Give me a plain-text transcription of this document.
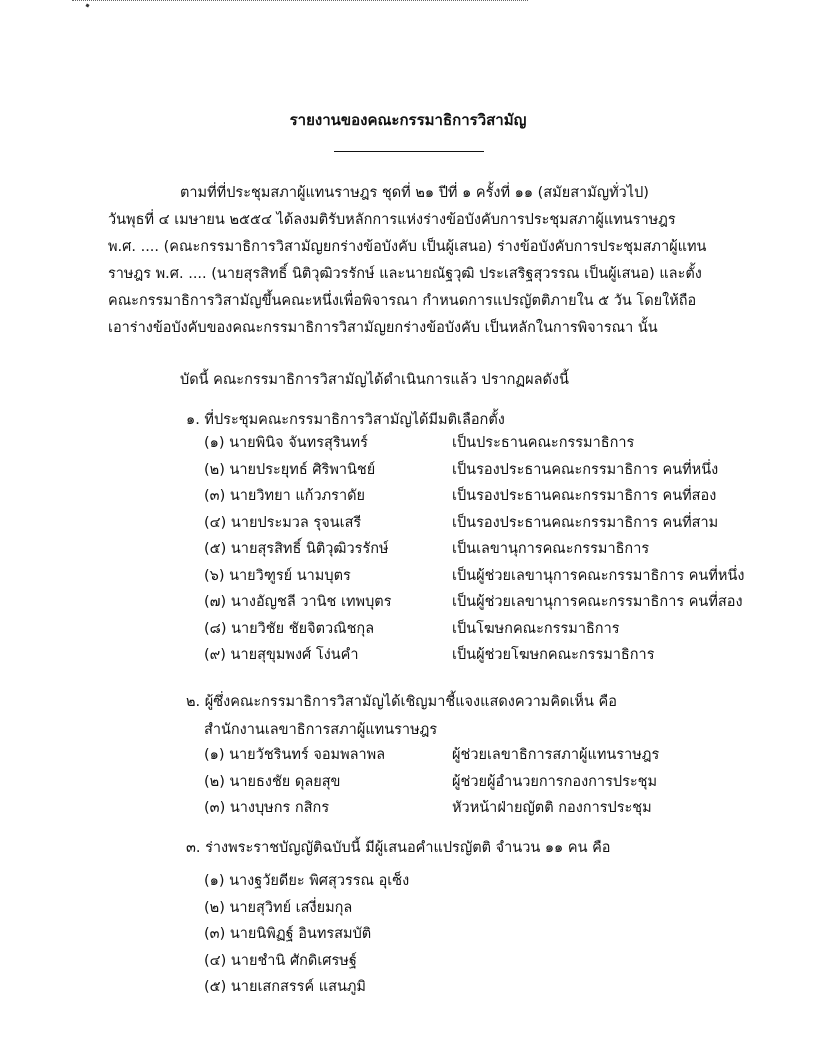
รายงานของคณะกรรมาธิการวิสามัญ
ตามที่ที่ประชุมสภาผู้แทนราษฎร ชุดที่ ๒๑ ปีที่ ๑ ครั้งที่ ๑๑ (สมัยสามัญทั่วไป)
วันพุธที่ ๔ เมษายน ๒๕๕๔ ได้ลงมติรับหลักการแห่งร่างข้อบังคับการประชุมสภาผู้แทนราษฎร
พ.ศ. .... (คณะกรรมาธิการวิสามัญยกร่างข้อบังคับ เป็นผู้เสนอ) ร่างข้อบังคับการประชุมสภาผู้แทน
ราษฎร พ.ศ. .... (นายสุรสิทธิ์ นิติวุฒิวรรักษ์ และนายณัฐวุฒิ ประเสริฐสุวรรณ เป็นผู้เสนอ) และตั้ง
คณะกรรมาธิการวิสามัญขึ้นคณะหนึ่งเพื่อพิจารณา กำหนดการแปรญัตติภายใน ๕ วัน โดยให้ถือ
เอาร่างข้อบังคับของคณะกรรมาธิการวิสามัญยกร่างข้อบังคับ เป็นหลักในการพิจารณา นั้น
บัดนี้ คณะกรรมาธิการวิสามัญได้ดำเนินการแล้ว ปรากฏผลดังนี้
๑. ที่ประชุมคณะกรรมาธิการวิสามัญได้มีมติเลือกตั้ง
(๑) นายพินิจ จันทรสุรินทร์	เป็นประธานคณะกรรมาธิการ
(๒) นายประยุทธ์ ศิริพานิชย์	เป็นรองประธานคณะกรรมาธิการ คนที่หนึ่ง
(๓) นายวิทยา แก้วภราดัย	เป็นรองประธานคณะกรรมาธิการ คนที่สอง
(๔) นายประมวล รุจนเสรี	เป็นรองประธานคณะกรรมาธิการ คนที่สาม
(๕) นายสุรสิทธิ์ นิติวุฒิวรรักษ์	เป็นเลขานุการคณะกรรมาธิการ
(๖) นายวิฑูรย์ นามบุตร	เป็นผู้ช่วยเลขานุการคณะกรรมาธิการ คนที่หนึ่ง
(๗) นางอัญชลี วานิช เทพบุตร	เป็นผู้ช่วยเลขานุการคณะกรรมาธิการ คนที่สอง
(๘) นายวิชัย ชัยจิตวณิชกุล	เป็นโฆษกคณะกรรมาธิการ
(๙) นายสุขุมพงศ์ โง่นคำ	เป็นผู้ช่วยโฆษกคณะกรรมาธิการ
๒. ผู้ซึ่งคณะกรรมาธิการวิสามัญได้เชิญมาชี้แจงแสดงความคิดเห็น คือ
สำนักงานเลขาธิการสภาผู้แทนราษฎร
(๑) นายวัชรินทร์ จอมพลาพล	ผู้ช่วยเลขาธิการสภาผู้แทนราษฎร
(๒) นายธงชัย ดุลยสุข	ผู้ช่วยผู้อำนวยการกองการประชุม
(๓) นางบุษกร กสิกร	หัวหน้าฝ่ายญัตติ กองการประชุม
๓. ร่างพระราชบัญญัติฉบับนี้ มีผู้เสนอคำแปรญัตติ จำนวน ๑๑ คน คือ
(๑) นางฐวัยดียะ พิศสุวรรณ อุเซ็ง
(๒) นายสุวิทย์ เสงี่ยมกุล
(๓) นายนิพิฏฐ์ อินทรสมบัติ
(๔) นายชำนิ ศักดิเศรษฐ์
(๕) นายเสกสรรค์ แสนภูมิ
